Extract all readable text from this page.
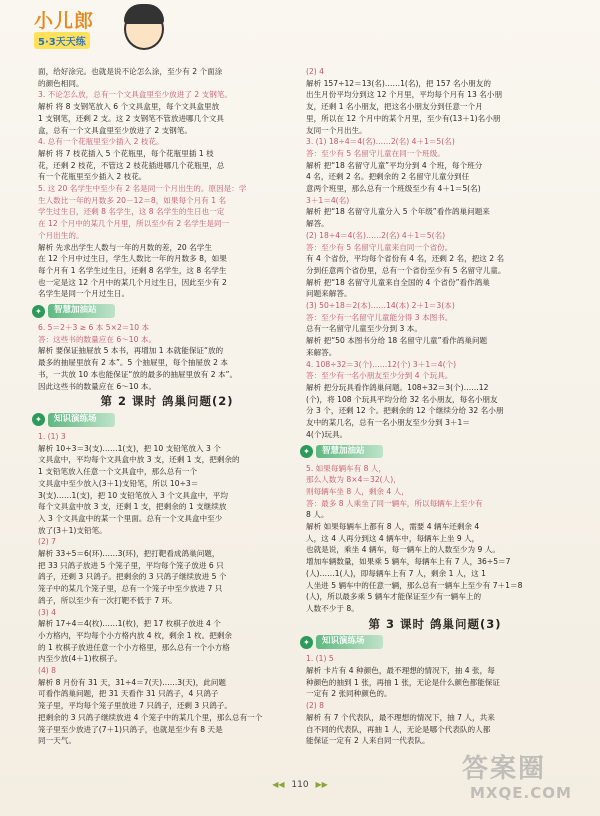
小儿郎
5·3天天练
面，给好涂完。也就是说不论怎么涂，至少有 2 个面涂
的颜色相同。
3. 不论怎么放，总有一个文具盒里至少放进了 2 支钢笔。
解析 将 8 支钢笔放入 6 个文具盒里，每个文具盒里放
1 支钢笔，还剩 2 支。这 2 支钢笔不管放进哪几个文具
盒，总有一个文具盒里至少放进了 2 支钢笔。
4. 总有一个花瓶里至少插入 2 枝花。
解析 将 7 枝花插入 5 个花瓶里，每个花瓶里插 1 枝
花，还剩 2 枝花，不管这 2 枝花插进哪几个花瓶里，总
有一个花瓶里至少插入 2 枝花。
5. 这 20 名学生中至少有 2 名是同一个月出生的。原因是：学
生人数比一年的月数多 20－12＝8，如果每个月有 1 名
学生过生日，还剩 8 名学生，这 8 名学生的生日也一定
在 12 个月中的某几个月里，所以至少有 2 名学生是同一
个月出生的。
解析 先求出学生人数与一年的月数的差，20 名学生
在 12 个月中过生日，学生人数比一年的月数多 8，如果
每个月有 1 名学生过生日，还剩 8 名学生，这 8 名学生
也一定是这 12 个月中的某几个月过生日，因此至少有 2
名学生是同一个月过生日。
✦	智慧加油站
6. 5＝2＋3 ≥ 6 本 5×2＝10 本
答：这些书的数量应在 6～10 本。
解析 要保证抽屉放 5 本书，再增加 1 本就能保证“放的
最多的抽屉里放有 2 本”。5 个抽屉里，每个抽屉放 2 本
书，一共放 10 本也能保证“放的最多的抽屉里放有 2 本”。
因此这些书的数量应在 6～10 本。
第 2 课时 鸽巢问题(2)
✦	知识演练场
1. (1) 3
解析 10÷3＝3(支)……1(支)，把 10 支铅笔放入 3 个
文具盒中，平均每个文具盒中放 3 支，还剩 1 支，把剩余的
1 支铅笔放入任意一个文具盒中，那么总有一个
文具盒中至少放入(3＋1)支铅笔，所以 10÷3＝
3(支)……1(支)，把 10 支铅笔放入 3 个文具盒中，平均
每个文具盒中放 3 支，还剩 1 支，把剩余的 1 支继续放
入 3 个文具盒中的某一个里面。总有一个文具盒中至少
放了(3＋1)支铅笔。
(2) 7
解析 33÷5＝6(环)……3(环)，把打靶看成鸽巢问题，
把 33 只鸽子放进 5 个笼子里，平均每个笼子放进 6 只
鸽子，还剩 3 只鸽子。把剩余的 3 只鸽子继续放进 5 个
笼子中的某几个笼子里，总有一个笼子中至少放进 7 只
鸽子，所以至少有一次打靶不低于 7 环。
(3) 4
解析 17÷4＝4(枚)……1(枚)，把 17 枚棋子放进 4 个
小方格内，平均每个小方格内放 4 枚，剩余 1 枚。把剩余
的 1 枚棋子放进任意一个小方格里，那么总有一个小方格
内至少放(4＋1)枚棋子。
(4) 8
解析 8 月份有 31 天，31÷4＝7(天)……3(天)，此问题
可看作鸽巢问题，把 31 天看作 31 只鸽子，4 只鸽子
笼子里，平均每个笼子里放进 7 只鸽子，还剩 3 只鸽子。
把剩余的 3 只鸽子继续放进 4 个笼子中的某几个里，那么总有一个
笼子里至少放进了(7＋1)只鸽子，也就是至少有 8 天是
同一天气。
(2) 4
解析 157÷12＝13(名)……1(名)，把 157 名小朋友的
出生月份平均分到这 12 个月里，平均每个月有 13 名小朋
友，还剩 1 名小朋友，把这名小朋友分到任意一个月
里，所以在 12 个月中的某个月里，至少有(13＋1)名小朋
友同一个月出生。
3. (1) 18÷4＝4(名)……2(名) 4＋1＝5(名)
答：至少有 5 名留守儿童在同一个班级。
解析 把“18 名留守儿童”平均分到 4 个班，每个班分
4 名，还剩 2 名。把剩余的 2 名留守儿童分到任
意两个班里，那么总有一个班级至少有 4＋1＝5(名)
3＋1＝4(名)
解析 把“18 名留守儿童分入 5 个年级”看作鸽巢问题来
解答。
(2) 18÷4＝4(名)……2(名) 4＋1＝5(名)
答：至少有 5 名留守儿童来自同一个省份。
有 4 个省份，平均每个省份有 4 名，还剩 2 名，把这 2 名
分到任意两个省份里，总有一个省份至少有 5 名留守儿童。
解析 把“18 名留守儿童来自全国的 4 个省份”看作鸽巢
问题来解答。
(3) 50÷18＝2(本)……14(本) 2＋1＝3(本)
答：至少有一名留守儿童能分得 3 本图书。
总有一名留守儿童至少分到 3 本。
解析 把“50 本图书分给 18 名留守儿童”看作鸽巢问题
来解答。
4. 108÷32＝3(个)……12(个) 3＋1＝4(个)
答：至少有一名小朋友至少分到 4 个玩具。
解析 把分玩具看作鸽巢问题。108÷32＝3(个)……12
(个)，将 108 个玩具平均分给 32 名小朋友，每名小朋友
分 3 个，还剩 12 个。把剩余的 12 个继续分给 32 名小朋
友中的某几名，总有一名小朋友至少分到 3＋1＝
4(个)玩具。
✦	智慧加油站
5. 如果每辆车有 8 人，
那么人数为 8×4＝32(人)，
则每辆车坐 8 人，剩余 4 人，
答：最多 8 人乘坐了同一辆车，所以每辆车上至少有
8 人。
解析 如果每辆车上都有 8 人，需要 4 辆车还剩余 4
人，这 4 人再分到这 4 辆车中，每辆车上坐 9 人，
也就是说，乘坐 4 辆车，每一辆车上的人数至少为 9 人。
增加车辆数量，如果乘 5 辆车，每辆车上有 7 人，36÷5＝7
(人)……1(人)，即每辆车上有 7 人，剩余 1 人，这 1
人坐进 5 辆车中的任意一辆，那么总有一辆车上至少有 7＋1＝8
(人)，所以最多乘 5 辆车才能保证至少有一辆车上的
人数不少于 8。
第 3 课时 鸽巢问题(3)
✦	知识演练场
1. (1) 5
解析 卡片有 4 种颜色，最不理想的情况下，抽 4 张，每
种颜色的抽到 1 张，再抽 1 张，无论是什么颜色都能保证
一定有 2 张同种颜色的。
(2) 8
解析 有 7 个代表队，最不理想的情况下，抽 7 人，共来
自不同的代表队，再抽 1 人，无论是哪个代表队的人都
能保证一定有 2 人来自同一代表队。
◀◀ 110 ▶▶
答案圈
MXQE.COM
